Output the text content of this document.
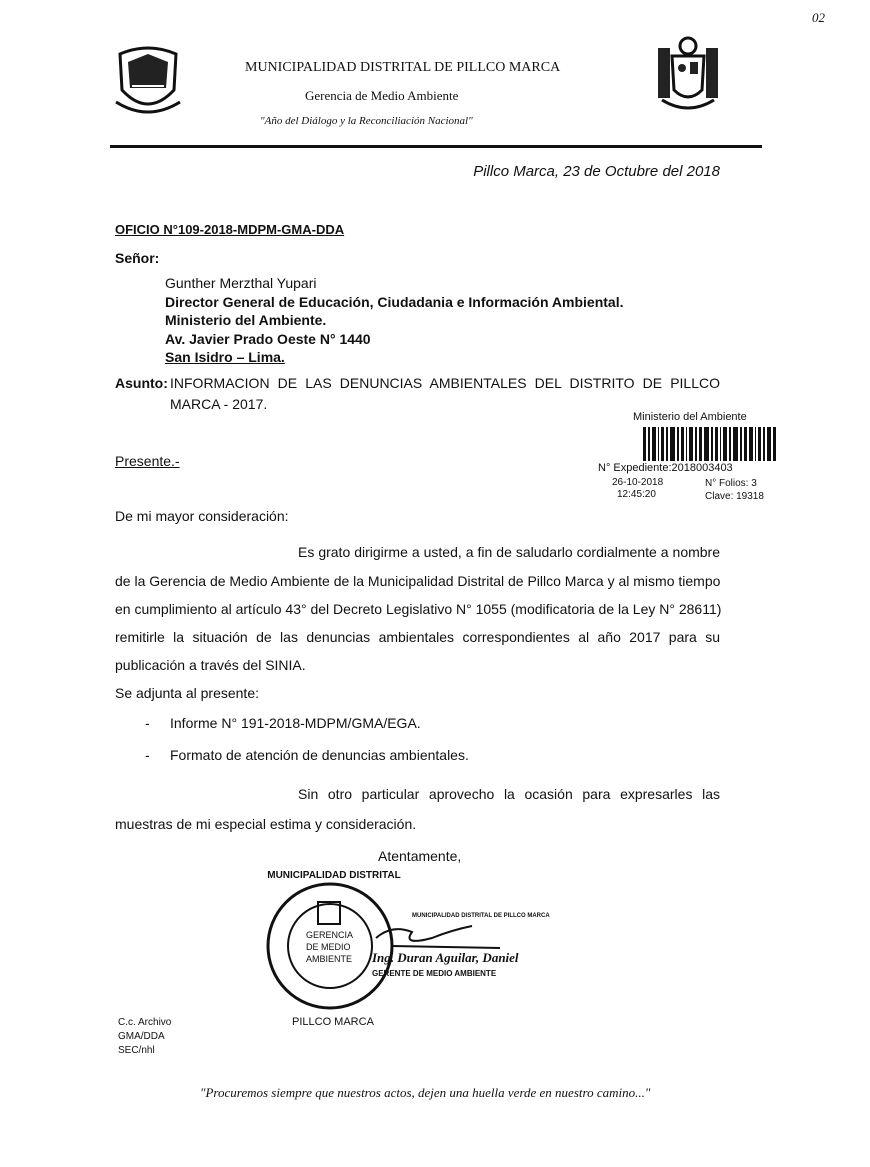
02
MUNICIPALIDAD DISTRITAL DE PILLCO MARCA
Gerencia de Medio Ambiente
"Año del Diálogo y la Reconciliación Nacional"
Pillco Marca, 23 de Octubre del 2018
OFICIO N°109-2018-MDPM-GMA-DDA
Señor:
Gunther Merzthal Yupari
Director General de Educación, Ciudadania e Información Ambiental.
Ministerio del Ambiente.
Av. Javier Prado Oeste N° 1440
San Isidro – Lima.
Asunto: INFORMACION DE LAS DENUNCIAS AMBIENTALES DEL DISTRITO DE PILLCO
MARCA - 2017.
Ministerio del Ambiente
N° Expediente:2018003403
26-10-2018
12:45:20
N° Folios: 3
Clave: 19318
Presente.-
De mi mayor consideración:
Es grato dirigirme a usted, a fin de saludarlo cordialmente a nombre
de la Gerencia de Medio Ambiente de la Municipalidad Distrital de Pillco Marca y al mismo tiempo
en cumplimiento al artículo 43° del Decreto Legislativo N° 1055 (modificatoria de la Ley N° 28611)
remitirle la situación de las denuncias ambientales correspondientes al año 2017 para su
publicación a través del SINIA.
Se adjunta al presente:
- Informe N° 191-2018-MDPM/GMA/EGA.
- Formato de atención de denuncias ambientales.
Sin otro particular aprovecho la ocasión para expresarles las
muestras de mi especial estima y consideración.
Atentamente,
MUNICIPALIDAD DISTRITAL
PILLCO MARCA
GERENCIA
DE MEDIO
AMBIENTE
MUNICIPALIDAD DISTRITAL DE PILLCO MARCA
Ing. Duran Aguilar, Daniel
GERENTE DE MEDIO AMBIENTE
C.c. Archivo
GMA/DDA
SEC/nhl
"Procuremos siempre que nuestros actos, dejen una huella verde en nuestro camino..."
